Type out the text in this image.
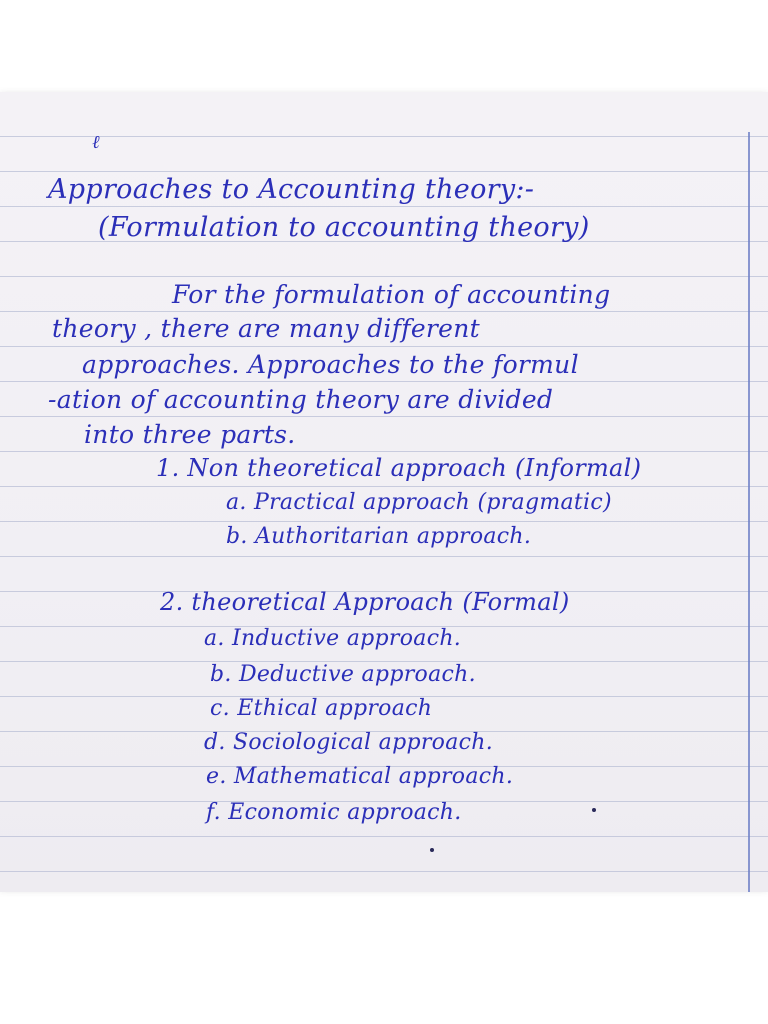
ℓ
Approaches to Accounting theory:-
(Formulation to accounting theory)
For the formulation of accounting
theory , there are many different
approaches. Approaches to the formul
-ation of accounting theory are divided
into three parts.
1. Non theoretical approach (Informal)
a. Practical approach (pragmatic)
b. Authoritarian approach.
2. theoretical Approach (Formal)
a. Inductive approach.
b. Deductive approach.
c. Ethical approach
d. Sociological approach.
e. Mathematical approach.
f. Economic approach.
